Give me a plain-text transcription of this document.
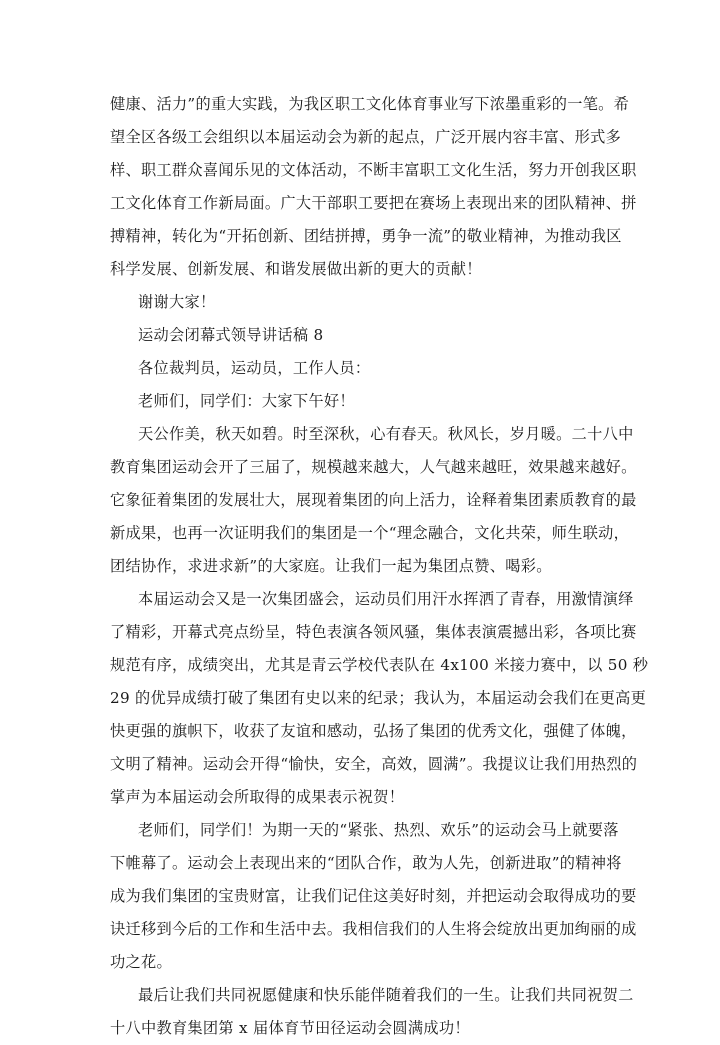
健康、活力”的重大实践，为我区职工文化体育事业写下浓墨重彩的一笔。希
望全区各级工会组织以本届运动会为新的起点，广泛开展内容丰富、形式多
样、职工群众喜闻乐见的文体活动，不断丰富职工文化生活，努力开创我区职
工文化体育工作新局面。广大干部职工要把在赛场上表现出来的团队精神、拼
搏精神，转化为“开拓创新、团结拼搏，勇争一流”的敬业精神，为推动我区
科学发展、创新发展、和谐发展做出新的更大的贡献！
谢谢大家！
运动会闭幕式领导讲话稿 8
各位裁判员，运动员，工作人员：
老师们，同学们：大家下午好！
天公作美，秋天如碧。时至深秋，心有春天。秋风长，岁月暖。二十八中
教育集团运动会开了三届了，规模越来越大，人气越来越旺，效果越来越好。
它象征着集团的发展壮大，展现着集团的向上活力，诠释着集团素质教育的最
新成果，也再一次证明我们的集团是一个“理念融合，文化共荣，师生联动，
团结协作，求进求新”的大家庭。让我们一起为集团点赞、喝彩。
本届运动会又是一次集团盛会，运动员们用汗水挥洒了青春，用激情演绎
了精彩，开幕式亮点纷呈，特色表演各领风骚，集体表演震撼出彩，各项比赛
规范有序，成绩突出，尤其是青云学校代表队在 4x100 米接力赛中，以 50 秒
29 的优异成绩打破了集团有史以来的纪录；我认为，本届运动会我们在更高更
快更强的旗帜下，收获了友谊和感动，弘扬了集团的优秀文化，强健了体魄，
文明了精神。运动会开得“愉快，安全，高效，圆满”。我提议让我们用热烈的
掌声为本届运动会所取得的成果表示祝贺！
老师们，同学们！为期一天的“紧张、热烈、欢乐”的运动会马上就要落
下帷幕了。运动会上表现出来的“团队合作，敢为人先，创新进取”的精神将
成为我们集团的宝贵财富，让我们记住这美好时刻，并把运动会取得成功的要
诀迁移到今后的工作和生活中去。我相信我们的人生将会绽放出更加绚丽的成
功之花。
最后让我们共同祝愿健康和快乐能伴随着我们的一生。让我们共同祝贺二
十八中教育集团第 x 届体育节田径运动会圆满成功！
